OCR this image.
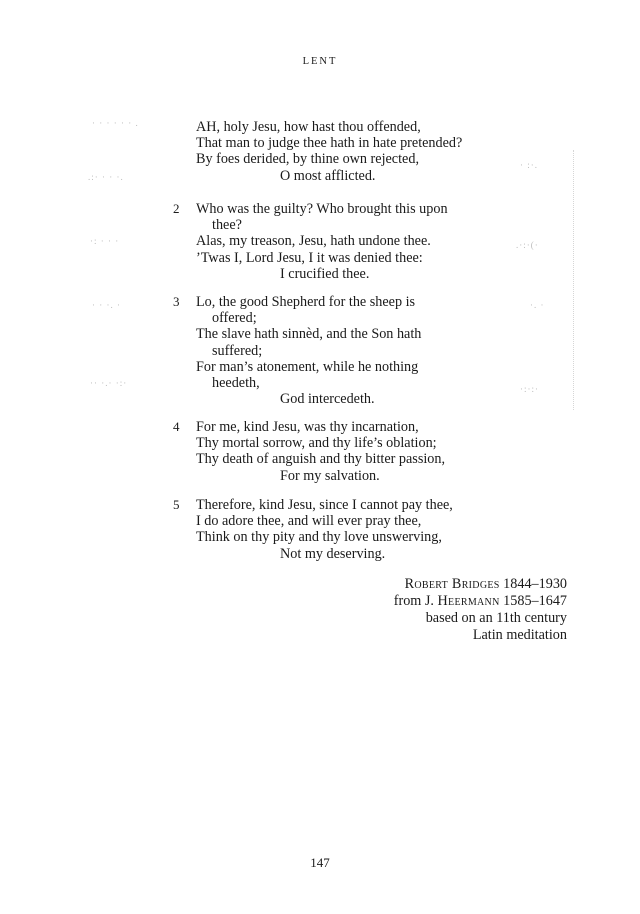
LENT
· · · · · · .
.:· · · ·.
·: · · ·
· · ·. ·
·· ·.· ·:·
· :·.
.·:·(·
·. ·
·:·:·
AH, holy Jesu, how hast thou offended,
That man to judge thee hath in hate pretended?
By foes derided, by thine own rejected,
O most afflicted.
2 Who was the guilty? Who brought this upon
thee?
Alas, my treason, Jesu, hath undone thee.
’Twas I, Lord Jesu, I it was denied thee:
I crucified thee.
3 Lo, the good Shepherd for the sheep is
offered;
The slave hath sinnèd, and the Son hath
suffered;
For man’s atonement, while he nothing
heedeth,
God intercedeth.
4 For me, kind Jesu, was thy incarnation,
Thy mortal sorrow, and thy life’s oblation;
Thy death of anguish and thy bitter passion,
For my salvation.
5 Therefore, kind Jesu, since I cannot pay thee,
I do adore thee, and will ever pray thee,
Think on thy pity and thy love unswerving,
Not my deserving.
Robert Bridges 1844–1930
from J. Heermann 1585–1647
based on an 11th century
Latin meditation
147
